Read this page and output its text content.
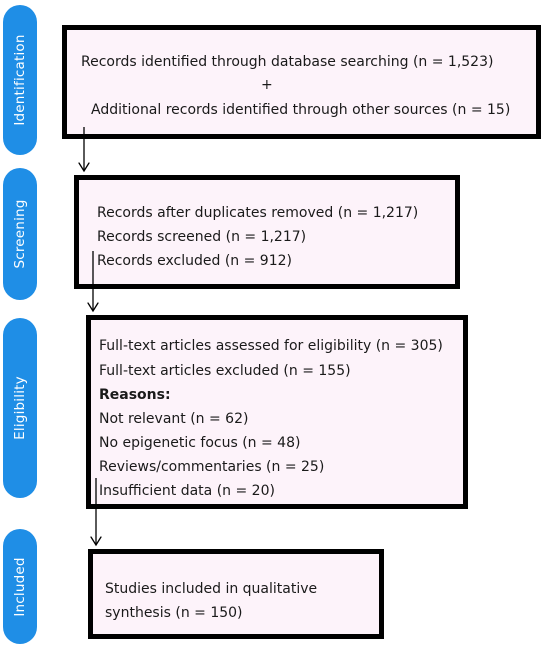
Identification
Screening
Eligibility
Included
Records identified through database searching (n = 1,523)
+
Additional records identified through other sources (n = 15)
Records after duplicates removed (n = 1,217)
Records screened (n = 1,217)
Records excluded (n = 912)
Full-text articles assessed for eligibility (n = 305)
Full-text articles excluded (n = 155)
Reasons:
Not relevant (n = 62)
No epigenetic focus (n = 48)
Reviews/commentaries (n = 25)
Insufficient data (n = 20)
Studies included in qualitative
synthesis (n = 150)
